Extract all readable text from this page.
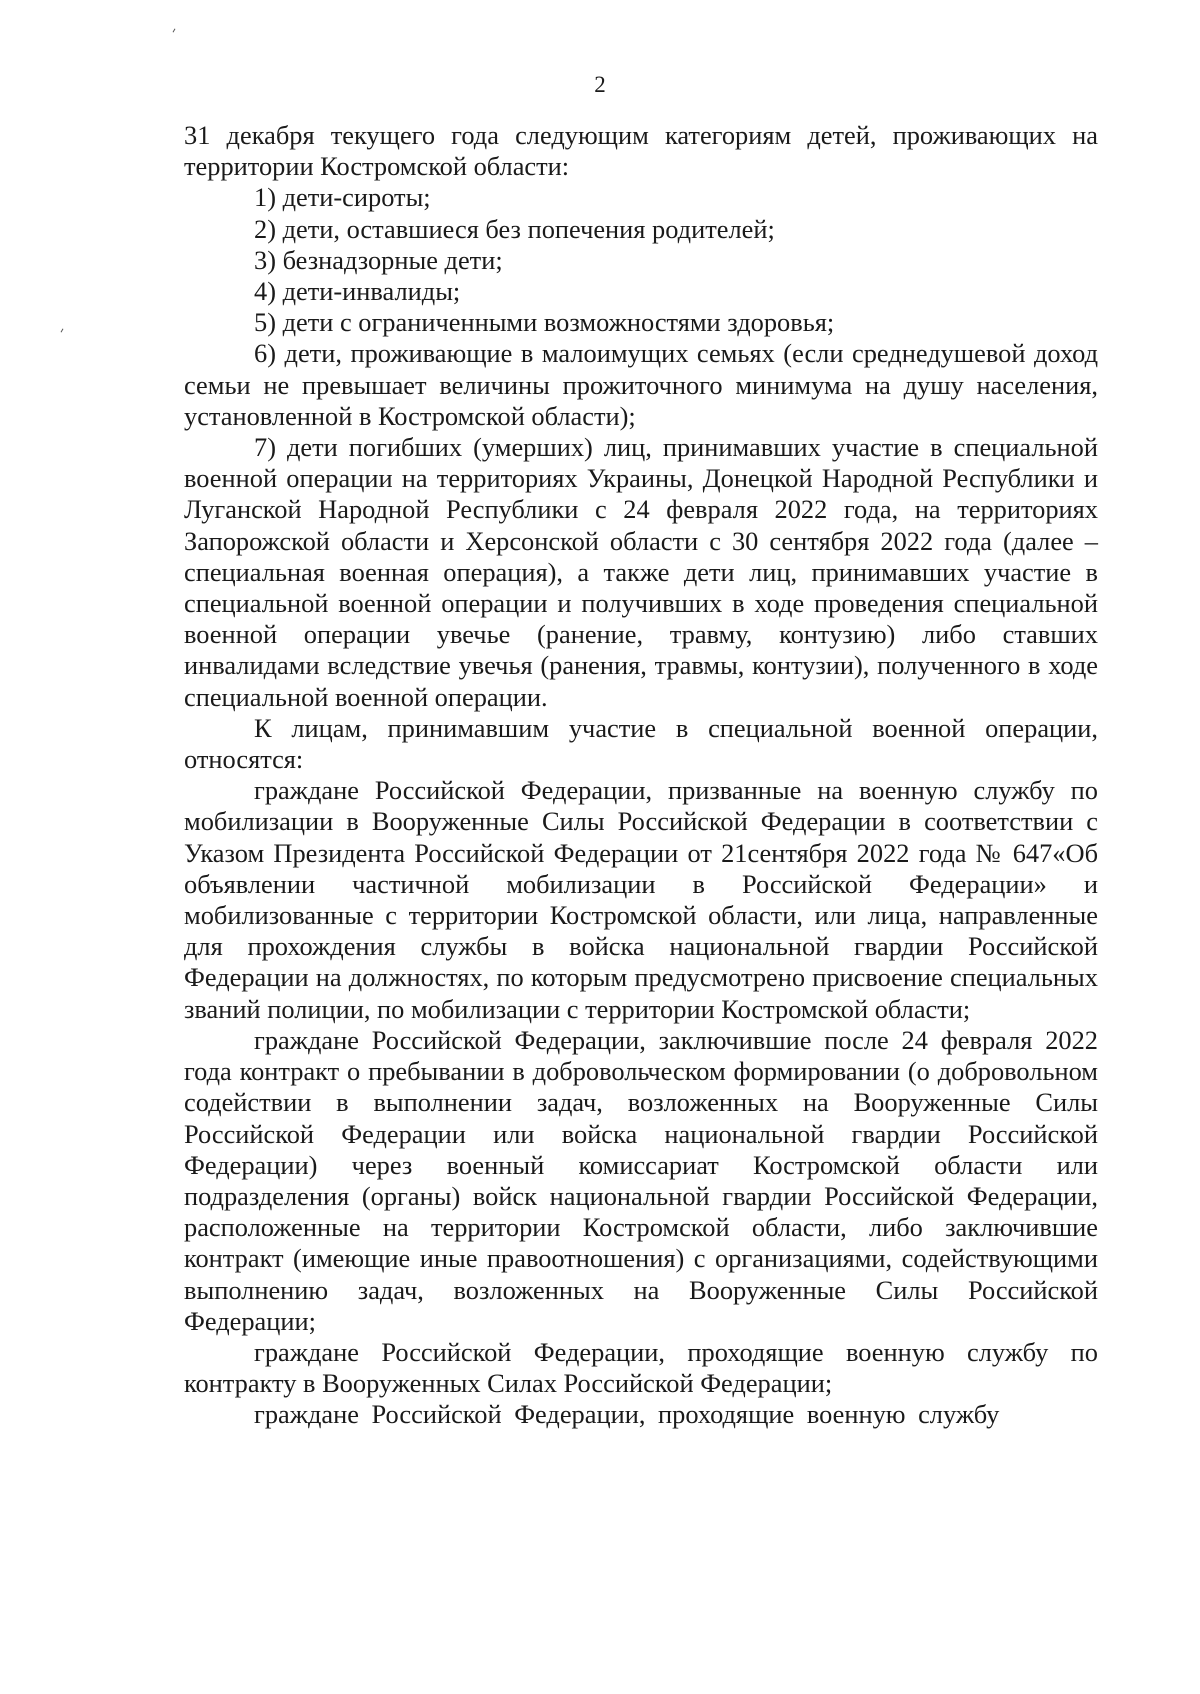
2

31 декабря текущего года следующим категориям детей, проживающих на территории Костромской области:

1) дети-сироты;

2) дети, оставшиеся без попечения родителей;

3) безнадзорные дети;

4) дети-инвалиды;

5) дети с ограниченными возможностями здоровья;

6) дети, проживающие в малоимущих семьях (если среднедушевой доход семьи не превышает величины прожиточного минимума на душу населения, установленной в Костромской области);

7) дети погибших (умерших) лиц, принимавших участие в специальной военной операции на территориях Украины, Донецкой Народной Республики и Луганской Народной Республики с 24 февраля 2022 года, на территориях Запорожской области и Херсонской области с 30 сентября 2022 года (далее – специальная военная операция), а также дети лиц, принимавших участие в специальной военной операции и получивших в ходе проведения специальной военной операции увечье (ранение, травму, контузию) либо ставших инвалидами вследствие увечья (ранения, травмы, контузии), полученного в ходе специальной военной операции.

К лицам, принимавшим участие в специальной военной операции, относятся:

граждане Российской Федерации, призванные на военную службу по мобилизации в Вооруженные Силы Российской Федерации в соответствии с Указом Президента Российской Федерации от 21сентября 2022 года № 647«Об объявлении частичной мобилизации в Российской Федерации» и мобилизованные с территории Костромской области, или лица, направленные для прохождения службы в войска национальной гвардии Российской Федерации на должностях, по которым предусмотрено присвоение специальных званий полиции, по мобилизации с территории Костромской области;

граждане Российской Федерации, заключившие после 24 февраля 2022 года контракт о пребывании в добровольческом формировании (о добровольном содействии в выполнении задач, возложенных на Вооруженные Силы Российской Федерации или войска национальной гвардии Российской Федерации) через военный комиссариат Костромской области или подразделения (органы) войск национальной гвардии Российской Федерации, расположенные на территории Костромской области, либо заключившие контракт (имеющие иные правоотношения) с организациями, содействующими выполнению задач, возложенных на Вооруженные Силы Российской Федерации;

граждане Российской Федерации, проходящие военную службу по контракту в Вооруженных Силах Российской Федерации;

граждане Российской Федерации, проходящие военную службу
